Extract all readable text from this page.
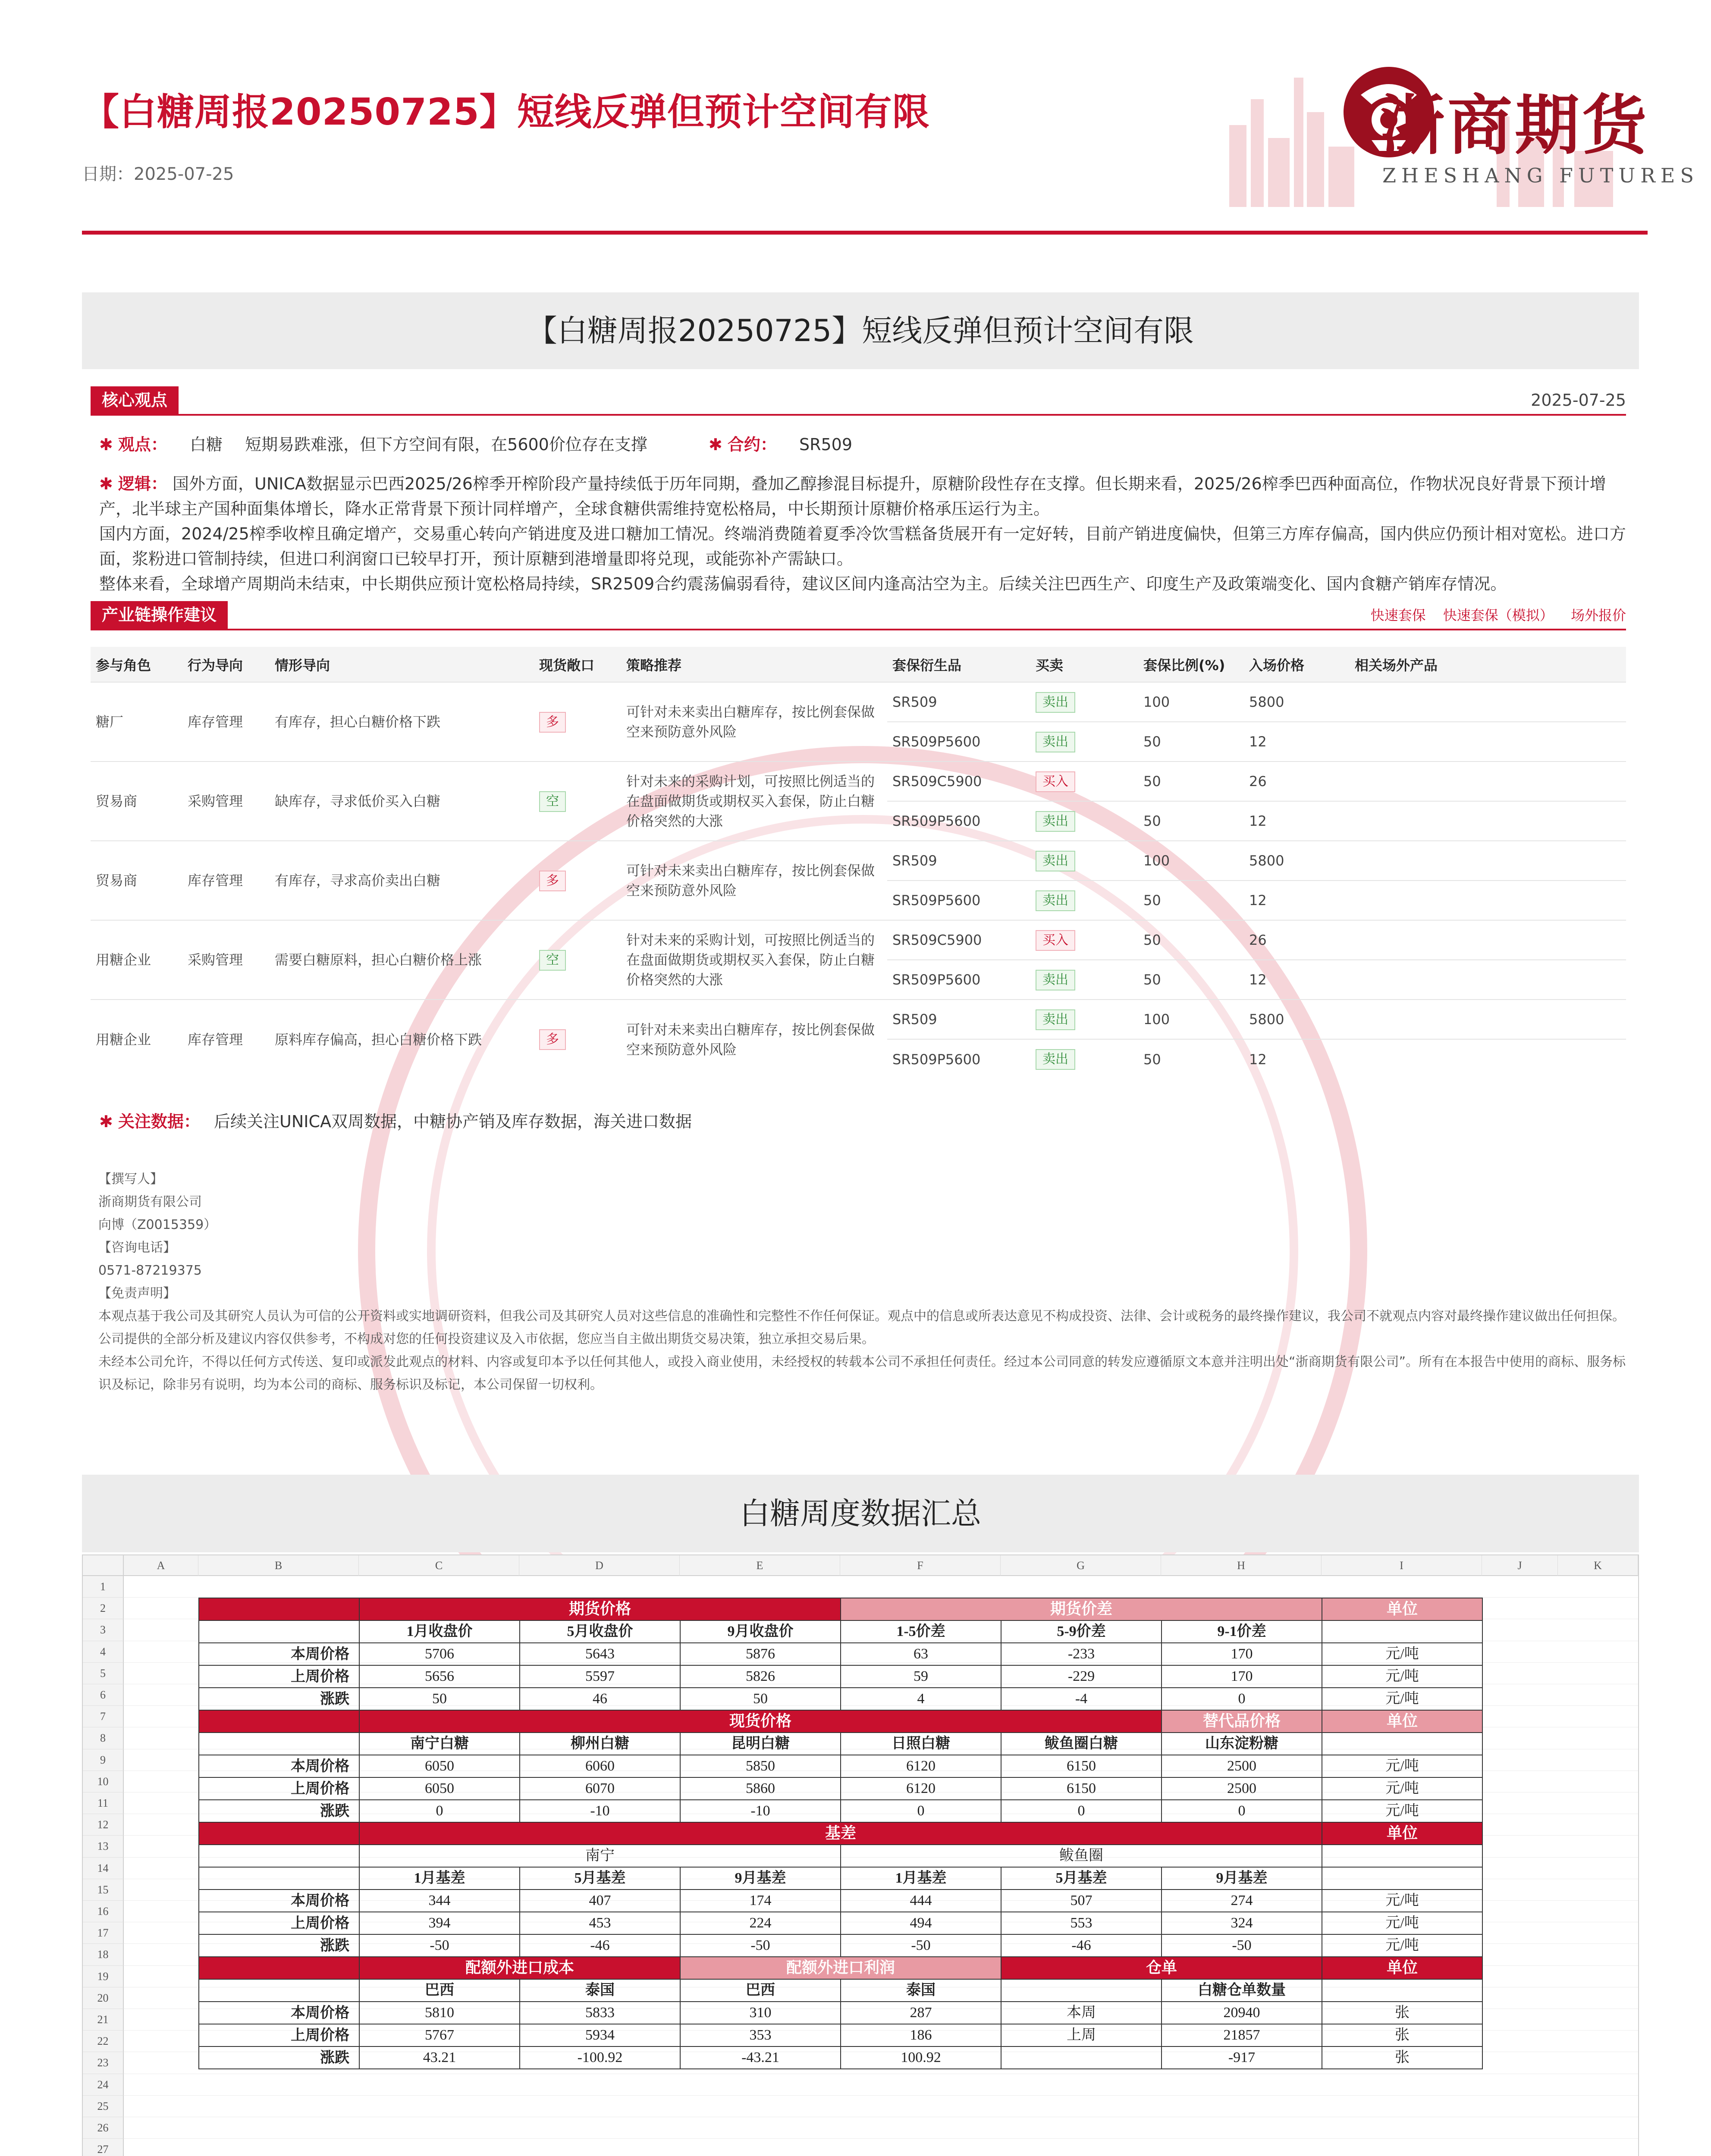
【白糖周报20250725】短线反弹但预计空间有限
日期：2025-07-25
浙商期货
ZHESHANG FUTURES
【白糖周报20250725】短线反弹但预计空间有限
核心观点	2025-07-25
✱ 观点： 白糖 短期易跌难涨，但下方空间有限，在5600价位存在支撑	✱ 合约： SR509

✱ 逻辑： 国外方面，UNICA数据显示巴西2025/26榨季开榨阶段产量持续低于历年同期，叠加乙醇掺混目标提升，原糖阶段性存在支撑。但长期来看，2025/26榨季巴西种面高位，作物状况良好背景下预计增产，北半球主产国种面集体增长，降水正常背景下预计同样增产，全球食糖供需维持宽松格局，中长期预计原糖价格承压运行为主。

国内方面，2024/25榨季收榨且确定增产，交易重心转向产销进度及进口糖加工情况。终端消费随着夏季冷饮雪糕备货展开有一定好转，目前产销进度偏快，但第三方库存偏高，国内供应仍预计相对宽松。进口方面，浆粉进口管制持续，但进口利润窗口已较早打开，预计原糖到港增量即将兑现，或能弥补产需缺口。

整体来看，全球增产周期尚未结束，中长期供应预计宽松格局持续，SR2509合约震荡偏弱看待，建议区间内逢高沽空为主。后续关注巴西生产、印度生产及政策端变化、国内食糖产销库存情况。

产业链操作建议	快速套保 快速套保（模拟） 场外报价
参与角色	行为导向	情形导向	现货敞口	策略推荐	套保衍生品	买卖	套保比例(%)	入场价格	相关场外产品
糖厂	库存管理	有库存，担心白糖价格下跌	多	可针对未来卖出白糖库存，按比例套保做空来预防意外风险	SR509	卖出	100	5800	
					SR509P5600	卖出	50	12	
贸易商	采购管理	缺库存，寻求低价买入白糖	空	针对未来的采购计划，可按照比例适当的在盘面做期货或期权买入套保，防止白糖价格突然的大涨	SR509C5900	买入	50	26	
					SR509P5600	卖出	50	12	
贸易商	库存管理	有库存，寻求高价卖出白糖	多	可针对未来卖出白糖库存，按比例套保做空来预防意外风险	SR509	卖出	100	5800	
					SR509P5600	卖出	50	12	
用糖企业	采购管理	需要白糖原料，担心白糖价格上涨	空	针对未来的采购计划，可按照比例适当的在盘面做期货或期权买入套保，防止白糖价格突然的大涨	SR509C5900	买入	50	26	
					SR509P5600	卖出	50	12	
用糖企业	库存管理	原料库存偏高，担心白糖价格下跌	多	可针对未来卖出白糖库存，按比例套保做空来预防意外风险	SR509	卖出	100	5800	
					SR509P5600	卖出	50	12	
✱ 关注数据： 后续关注UNICA双周数据，中糖协产销及库存数据，海关进口数据

【撰写人】

浙商期货有限公司

向博（Z0015359）

【咨询电话】

0571-87219375

【免责声明】

本观点基于我公司及其研究人员认为可信的公开资料或实地调研资料，但我公司及其研究人员对这些信息的准确性和完整性不作任何保证。观点中的信息或所表达意见不构成投资、法律、会计或税务的最终操作建议，我公司不就观点内容对最终操作建议做出任何担保。公司提供的全部分析及建议内容仅供参考，不构成对您的任何投资建议及入市依据，您应当自主做出期货交易决策，独立承担交易后果。

未经本公司允许，不得以任何方式传送、复印或派发此观点的材料、内容或复印本予以任何其他人，或投入商业使用，未经授权的转载本公司不承担任何责任。经过本公司同意的转发应遵循原文本意并注明出处“浙商期货有限公司”。所有在本报告中使用的商标、服务标识及标记，除非另有说明，均为本公司的商标、服务标识及标记，本公司保留一切权利。

白糖周度数据汇总
A	B	C	D	E	F	G	H	I	J	K
1
2
3
4
5
6
7
8
9
10
11
12
13
14
15
16
17
18
19
20
21
22
23
24
25
26
27
	期货价格			期货价差			单位
	1月收盘价	5月收盘价	9月收盘价	1-5价差	5-9价差	9-1价差	
本周价格	5706	5643	5876	63	-233	170	元/吨
上周价格	5656	5597	5826	59	-229	170	元/吨
涨跌	50	46	50	4	-4	0	元/吨
	现货价格					替代品价格	单位
	南宁白糖	柳州白糖	昆明白糖	日照白糖	鲅鱼圈白糖	山东淀粉糖	
本周价格	6050	6060	5850	6120	6150	2500	元/吨
上周价格	6050	6070	5860	6120	6150	2500	元/吨
涨跌	0	-10	-10	0	0	0	元/吨
	基差						单位
	南宁			鲅鱼圈			
	1月基差	5月基差	9月基差	1月基差	5月基差	9月基差	
本周价格	344	407	174	444	507	274	元/吨
上周价格	394	453	224	494	553	324	元/吨
涨跌	-50	-46	-50	-50	-46	-50	元/吨
	配额外进口成本		配额外进口利润		仓单		单位
	巴西	泰国	巴西	泰国		白糖仓单数量	
本周价格	5810	5833	310	287	本周	20940	张
上周价格	5767	5934	353	186	上周	21857	张
涨跌	43.21	-100.92	-43.21	100.92		-917	张
